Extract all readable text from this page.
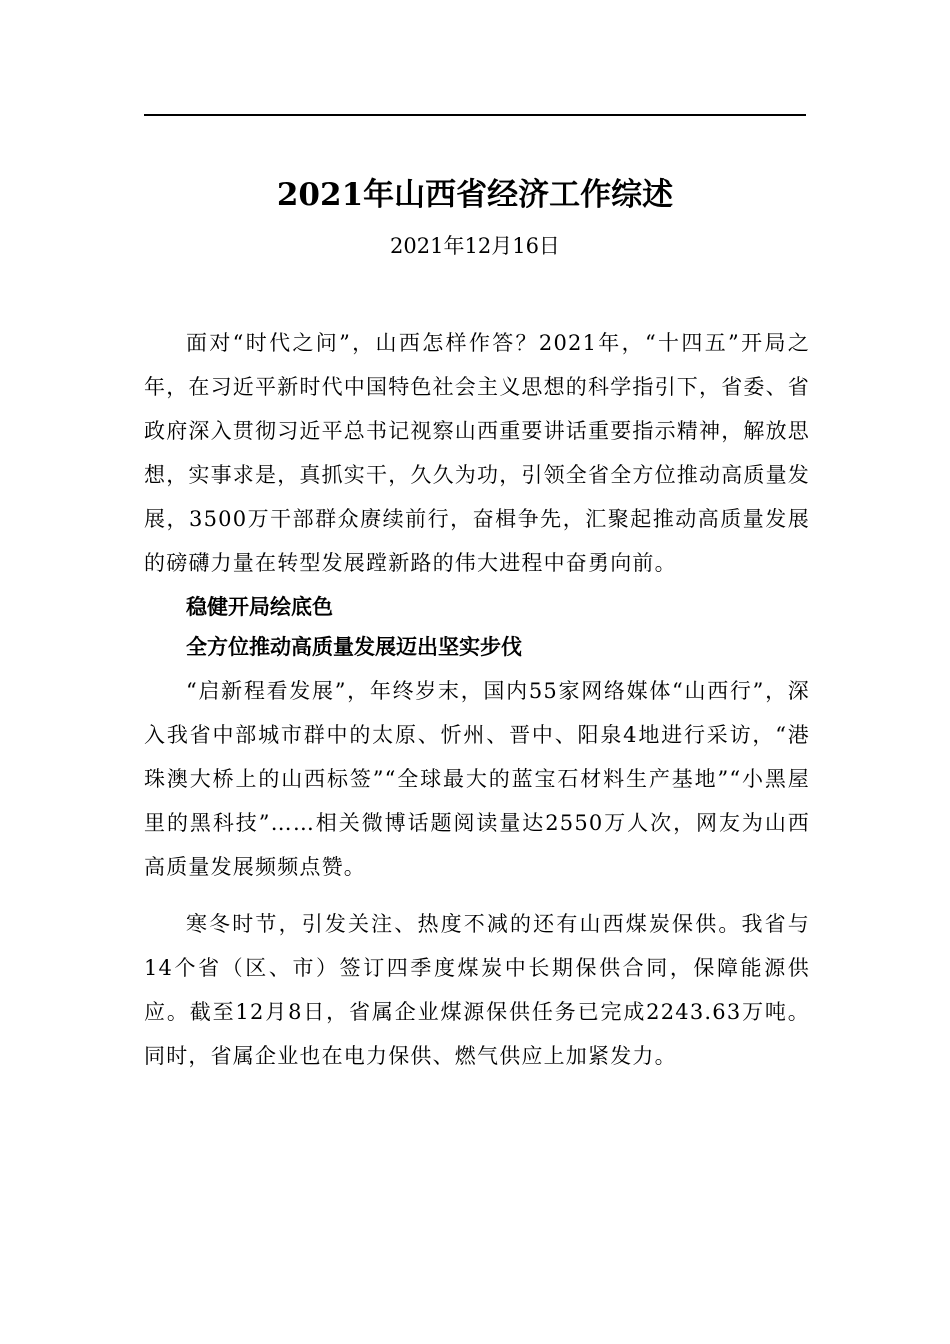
2021年山西省经济工作综述
2021年12月16日

面对“时代之问”，山西怎样作答？2021年，“十四五”开局之年，在习近平新时代中国特色社会主义思想的科学指引下，省委、省政府深入贯彻习近平总书记视察山西重要讲话重要指示精神，解放思想，实事求是，真抓实干，久久为功，引领全省全方位推动高质量发展，3500万干部群众赓续前行，奋楫争先，汇聚起推动高质量发展的磅礴力量在转型发展蹚新路的伟大进程中奋勇向前。

稳健开局绘底色

全方位推动高质量发展迈出坚实步伐

“启新程看发展”，年终岁末，国内55家网络媒体“山西行”，深入我省中部城市群中的太原、忻州、晋中、阳泉4地进行采访，“港珠澳大桥上的山西标签”“全球最大的蓝宝石材料生产基地”“小黑屋里的黑科技”……相关微博话题阅读量达2550万人次，网友为山西高质量发展频频点赞。

寒冬时节，引发关注、热度不减的还有山西煤炭保供。我省与14个省（区、市）签订四季度煤炭中长期保供合同，保障能源供应。截至12月8日，省属企业煤源保供任务已完成2243.63万吨。同时，省属企业也在电力保供、燃气供应上加紧发力。
